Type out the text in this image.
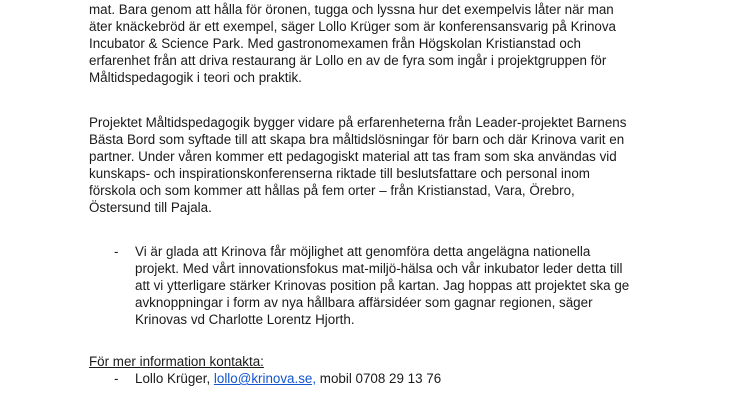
mat. Bara genom att hålla för öronen, tugga och lyssna hur det exempelvis låter när man
äter knäckebröd är ett exempel, säger Lollo Krüger som är konferensansvarig på Krinova
Incubator & Science Park. Med gastronomexamen från Högskolan Kristianstad och
erfarenhet från att driva restaurang är Lollo en av de fyra som ingår i projektgruppen för
Måltidspedagogik i teori och praktik.
Projektet Måltidspedagogik bygger vidare på erfarenheterna från Leader-projektet Barnens
Bästa Bord som syftade till att skapa bra måltidslösningar för barn och där Krinova varit en
partner. Under våren kommer ett pedagogiskt material att tas fram som ska användas vid
kunskaps- och inspirationskonferenserna riktade till beslutsfattare och personal inom
förskola och som kommer att hållas på fem orter – från Kristianstad, Vara, Örebro,
Östersund till Pajala.
- Vi är glada att Krinova får möjlighet att genomföra detta angelägna nationella
projekt. Med vårt innovationsfokus mat-miljö-hälsa och vår inkubator leder detta till
att vi ytterligare stärker Krinovas position på kartan. Jag hoppas att projektet ska ge
avknoppningar i form av nya hållbara affärsidéer som gagnar regionen, säger
Krinovas vd Charlotte Lorentz Hjorth.
För mer information kontakta:
- Lollo Krüger, lollo@krinova.se, mobil 0708 29 13 76
